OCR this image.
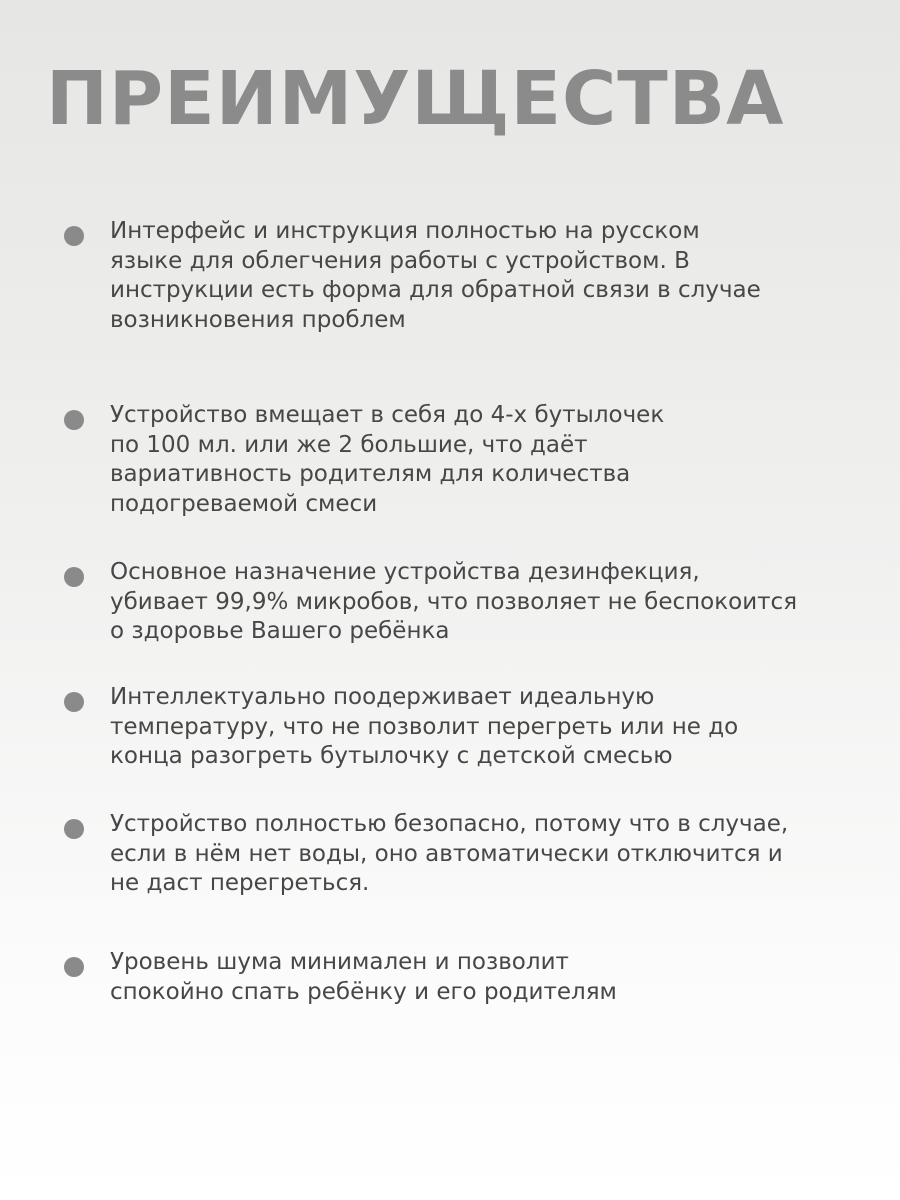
ПРЕИМУЩЕСТВА
Интерфейс и инструкция полностью на русском
языке для облегчения работы с устройством. В
инструкции есть форма для обратной связи в случае
возникновения проблем
Устройство вмещает в себя до 4-х бутылочек
по 100 мл. или же 2 большие, что даёт
вариативность родителям для количества
подогреваемой смеси
Основное назначение устройства дезинфекция,
убивает 99,9% микробов, что позволяет не беспокоится
о здоровье Вашего ребёнка
Интеллектуально поодерживает идеальную
температуру, что не позволит перегреть или не до
конца разогреть бутылочку с детской смесью
Устройство полностью безопасно, потому что в случае,
если в нём нет воды, оно автоматически отключится и
не даст перегреться.
Уровень шума минимален и позволит
спокойно спать ребёнку и его родителям
